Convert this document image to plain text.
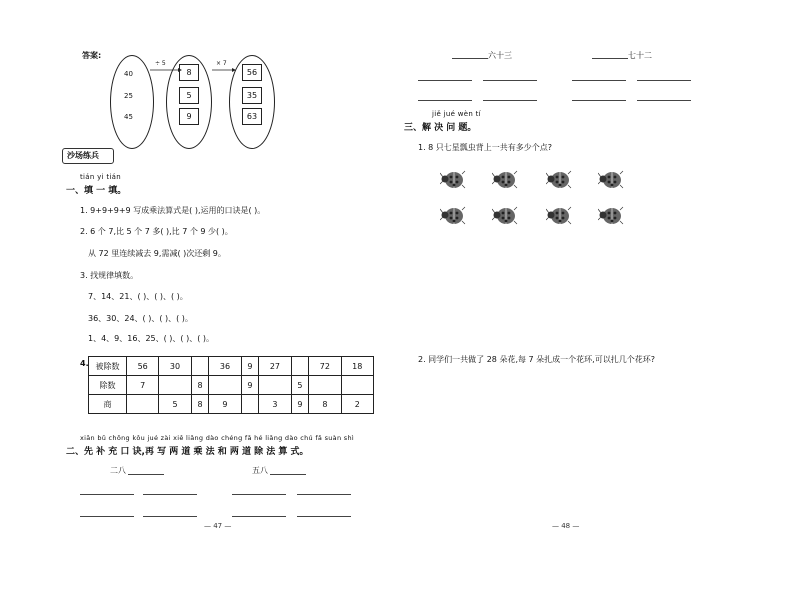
答案:
40
25
45
÷ 5	× 7
8
5
9
56
35
63
沙场练兵
tián yi tián
一、填 一 填。
1. 9+9+9+9 写成乘法算式是( ),运用的口诀是( )。
2. 6 个 7,比 5 个 7 多( ),比 7 个 9 少( )。
从 72 里连续减去 9,需减( )次还剩 9。
3. 找规律填数。
7、14、21、( )、( )、( )。
36、30、24、( )、( )、( )。
1、4、9、16、25、( )、( )、( )。
4. 被除数	56	30		36	9	27		72	18
除数	7		8		9		5		
商		5	8	9		3	9	8	2
xiān bǔ chōng kǒu jué zài xiě liǎng dào chéng fǎ hé liǎng dào chú fǎ suàn shì
二、先 补 充 口 诀,再 写 两 道 乘 法 和 两 道 除 法 算 式。
二八	五八
— 47 —
六十三	七十二
jiě jué wèn tí
三、解 决 问 题。
1. 8 只七星瓢虫背上一共有多少个点?
2. 同学们一共做了 28 朵花,每 7 朵扎成一个花环,可以扎几个花环?
— 48 —
